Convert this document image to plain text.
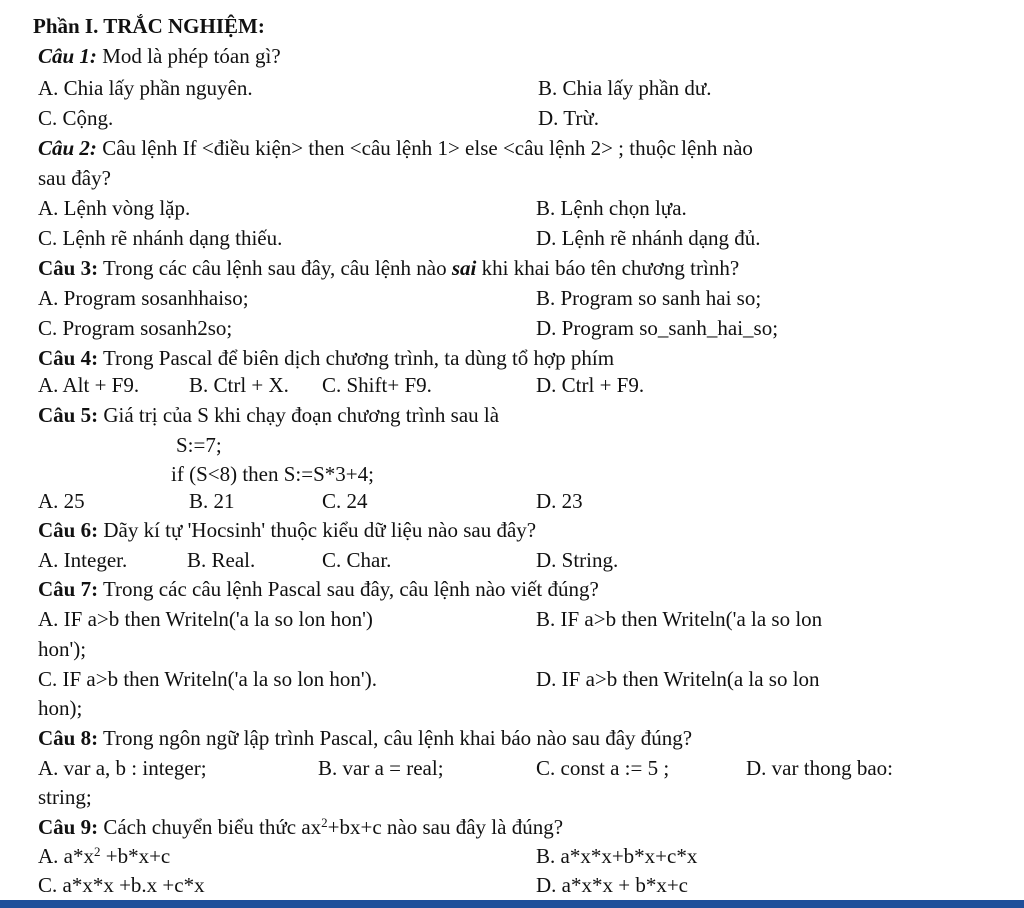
Phần I. TRẮC NGHIỆM:
Câu 1: Mod là phép tóan gì?
A. Chia lấy phần nguyên.	B. Chia lấy phần dư.
C. Cộng.	D. Trừ.
Câu 2: Câu lệnh If <điều kiện> then <câu lệnh 1> else <câu lệnh 2> ; thuộc lệnh nào
sau đây?
A. Lệnh vòng lặp.	B. Lệnh chọn lựa.
C. Lệnh rẽ nhánh dạng thiếu.	D. Lệnh rẽ nhánh dạng đủ.
Câu 3: Trong các câu lệnh sau đây, câu lệnh nào sai khi khai báo tên chương trình?
A. Program sosanhhaiso;	B. Program so sanh hai so;
C. Program sosanh2so;	D. Program so_sanh_hai_so;
Câu 4: Trong Pascal để biên dịch chương trình, ta dùng tổ hợp phím
A. Alt + F9. B. Ctrl + X. C. Shift+ F9.	D. Ctrl + F9.
Câu 5: Giá trị của S khi chạy đoạn chương trình sau là
S:=7;
if (S<8) then S:=S*3+4;
A. 25	B. 21	C. 24	D. 23
Câu 6: Dãy kí tự 'Hocsinh' thuộc kiểu dữ liệu nào sau đây?
A. Integer.	B. Real.	C. Char.	D. String.
Câu 7: Trong các câu lệnh Pascal sau đây, câu lệnh nào viết đúng?
A. IF a>b then Writeln('a la so lon hon')	B. IF a>b then Writeln('a la so lon
hon');
C. IF a>b then Writeln('a la so lon hon').	D. IF a>b then Writeln(a la so lon
hon);
Câu 8: Trong ngôn ngữ lập trình Pascal, câu lệnh khai báo nào sau đây đúng?
A. var a, b : integer;	B. var a = real;	C. const a := 5 ;	D. var thong bao:
string;
Câu 9: Cách chuyển biểu thức $ax^2+bx+c$ nào sau đây là đúng?
A. $a*x^2 +b*x+c$	B. a*x*x+b*x+c*x
C. a*x*x +b.x +c*x	D. a*x*x + b*x+c
